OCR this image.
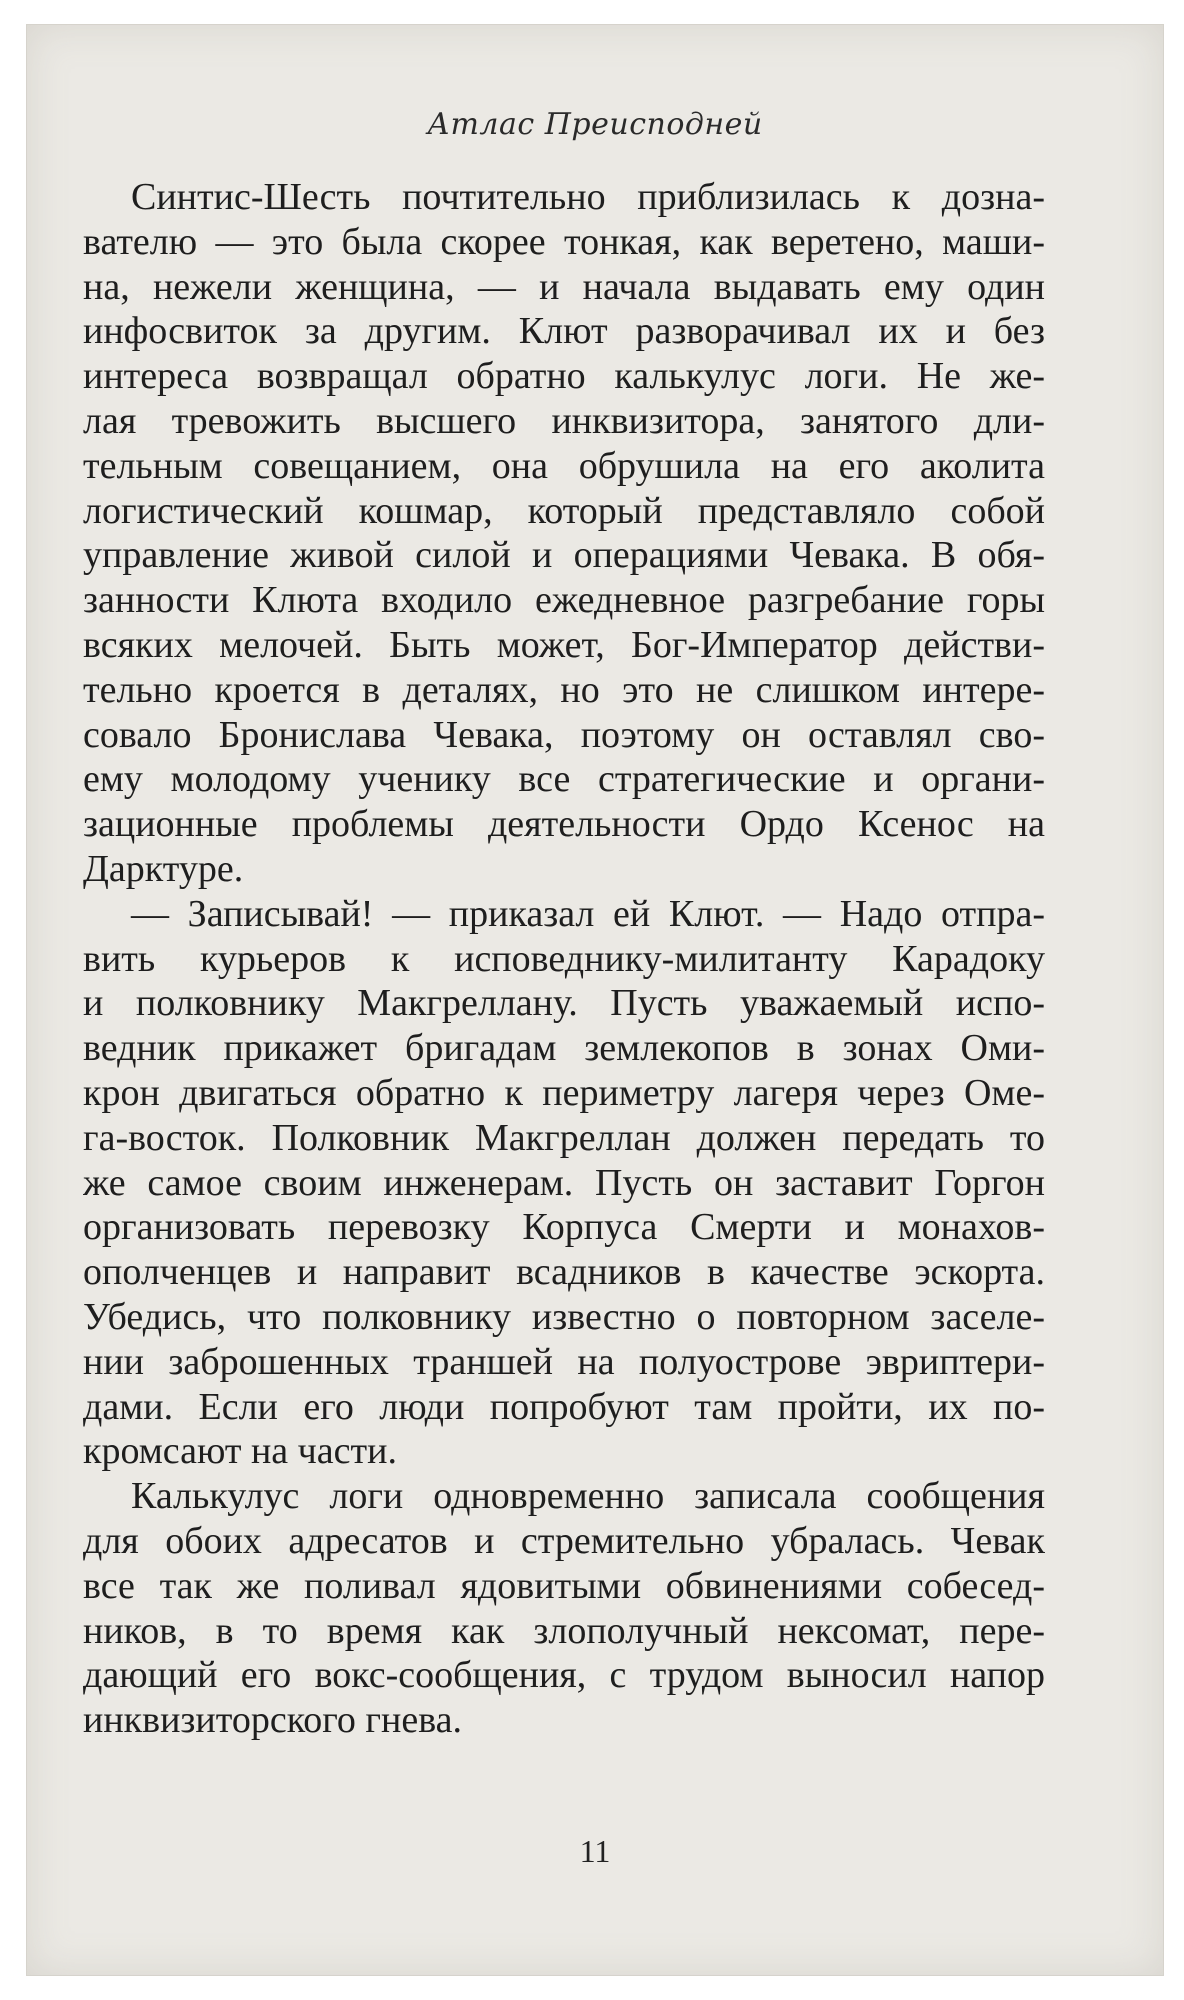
Атлас Преисподней
Синтис-Шесть почтительно приблизилась к дозна-
вателю — это была скорее тонкая, как веретено, маши-
на, нежели женщина, — и начала выдавать ему один
инфосвиток за другим. Клют разворачивал их и без
интереса возвращал обратно калькулус логи. Не же-
лая тревожить высшего инквизитора, занятого дли-
тельным совещанием, она обрушила на его аколита
логистический кошмар, который представляло собой
управление живой силой и операциями Чевака. В обя-
занности Клюта входило ежедневное разгребание горы
всяких мелочей. Быть может, Бог-Император действи-
тельно кроется в деталях, но это не слишком интере-
совало Бронислава Чевака, поэтому он оставлял сво-
ему молодому ученику все стратегические и органи-
зационные проблемы деятельности Ордо Ксенос на
Дарктуре.
— Записывай! — приказал ей Клют. — Надо отпра-
вить курьеров к исповеднику-милитанту Карадоку
и полковнику Макгреллану. Пусть уважаемый испо-
ведник прикажет бригадам землекопов в зонах Оми-
крон двигаться обратно к периметру лагеря через Оме-
га-восток. Полковник Макгреллан должен передать то
же самое своим инженерам. Пусть он заставит Горгон
организовать перевозку Корпуса Смерти и монахов-
ополченцев и направит всадников в качестве эскорта.
Убедись, что полковнику известно о повторном заселе-
нии заброшенных траншей на полуострове эвриптери-
дами. Если его люди попробуют там пройти, их по-
кромсают на части.
Калькулус логи одновременно записала сообщения
для обоих адресатов и стремительно убралась. Чевак
все так же поливал ядовитыми обвинениями собесед-
ников, в то время как злополучный нексомат, пере-
дающий его вокс-сообщения, с трудом выносил напор
инквизиторского гнева.
11
